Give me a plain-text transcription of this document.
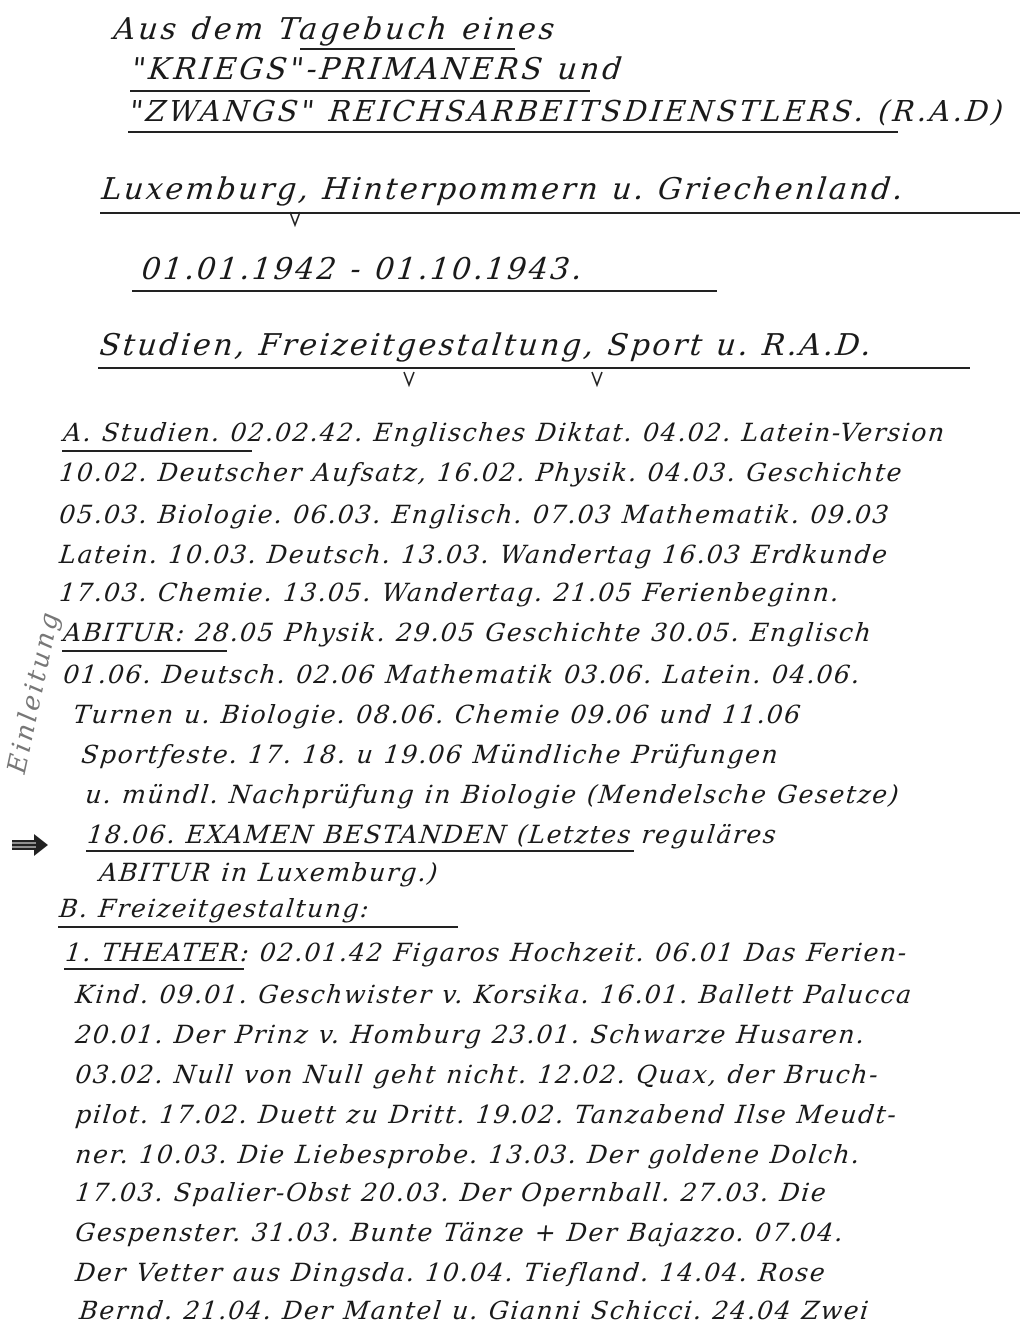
Aus dem Tagebuch eines
"KRIEGS"-PRIMANERS und
"ZWANGS" REICHSARBEITSDIENSTLERS. (R.A.D)
Luxemburg, Hinterpommern u. Griechenland.
01.01.1942 - 01.10.1943.
Studien, Freizeitgestaltung, Sport u. R.A.D.
A. Studien. 02.02.42. Englisches Diktat. 04.02. Latein-Version
10.02. Deutscher Aufsatz, 16.02. Physik. 04.03. Geschichte
05.03. Biologie. 06.03. Englisch. 07.03 Mathematik. 09.03
Latein. 10.03. Deutsch. 13.03. Wandertag 16.03 Erdkunde
17.03. Chemie. 13.05. Wandertag. 21.05 Ferienbeginn.
ABITUR: 28.05 Physik. 29.05 Geschichte 30.05. Englisch
01.06. Deutsch. 02.06 Mathematik 03.06. Latein. 04.06.
Turnen u. Biologie. 08.06. Chemie 09.06 und 11.06
Sportfeste. 17. 18. u 19.06 Mündliche Prüfungen
u. mündl. Nachprüfung in Biologie (Mendelsche Gesetze)
18.06. EXAMEN BESTANDEN (Letztes reguläres
ABITUR in Luxemburg.)
B. Freizeitgestaltung:
1. THEATER: 02.01.42 Figaros Hochzeit. 06.01 Das Ferien-
Kind. 09.01. Geschwister v. Korsika. 16.01. Ballett Palucca
20.01. Der Prinz v. Homburg 23.01. Schwarze Husaren.
03.02. Null von Null geht nicht. 12.02. Quax, der Bruch-
pilot. 17.02. Duett zu Dritt. 19.02. Tanzabend Ilse Meudt-
ner. 10.03. Die Liebesprobe. 13.03. Der goldene Dolch.
17.03. Spalier-Obst 20.03. Der Opernball. 27.03. Die
Gespenster. 31.03. Bunte Tänze + Der Bajazzo. 07.04.
Der Vetter aus Dingsda. 10.04. Tiefland. 14.04. Rose
Bernd. 21.04. Der Mantel u. Gianni Schicci. 24.04 Zwei
Einleitung
